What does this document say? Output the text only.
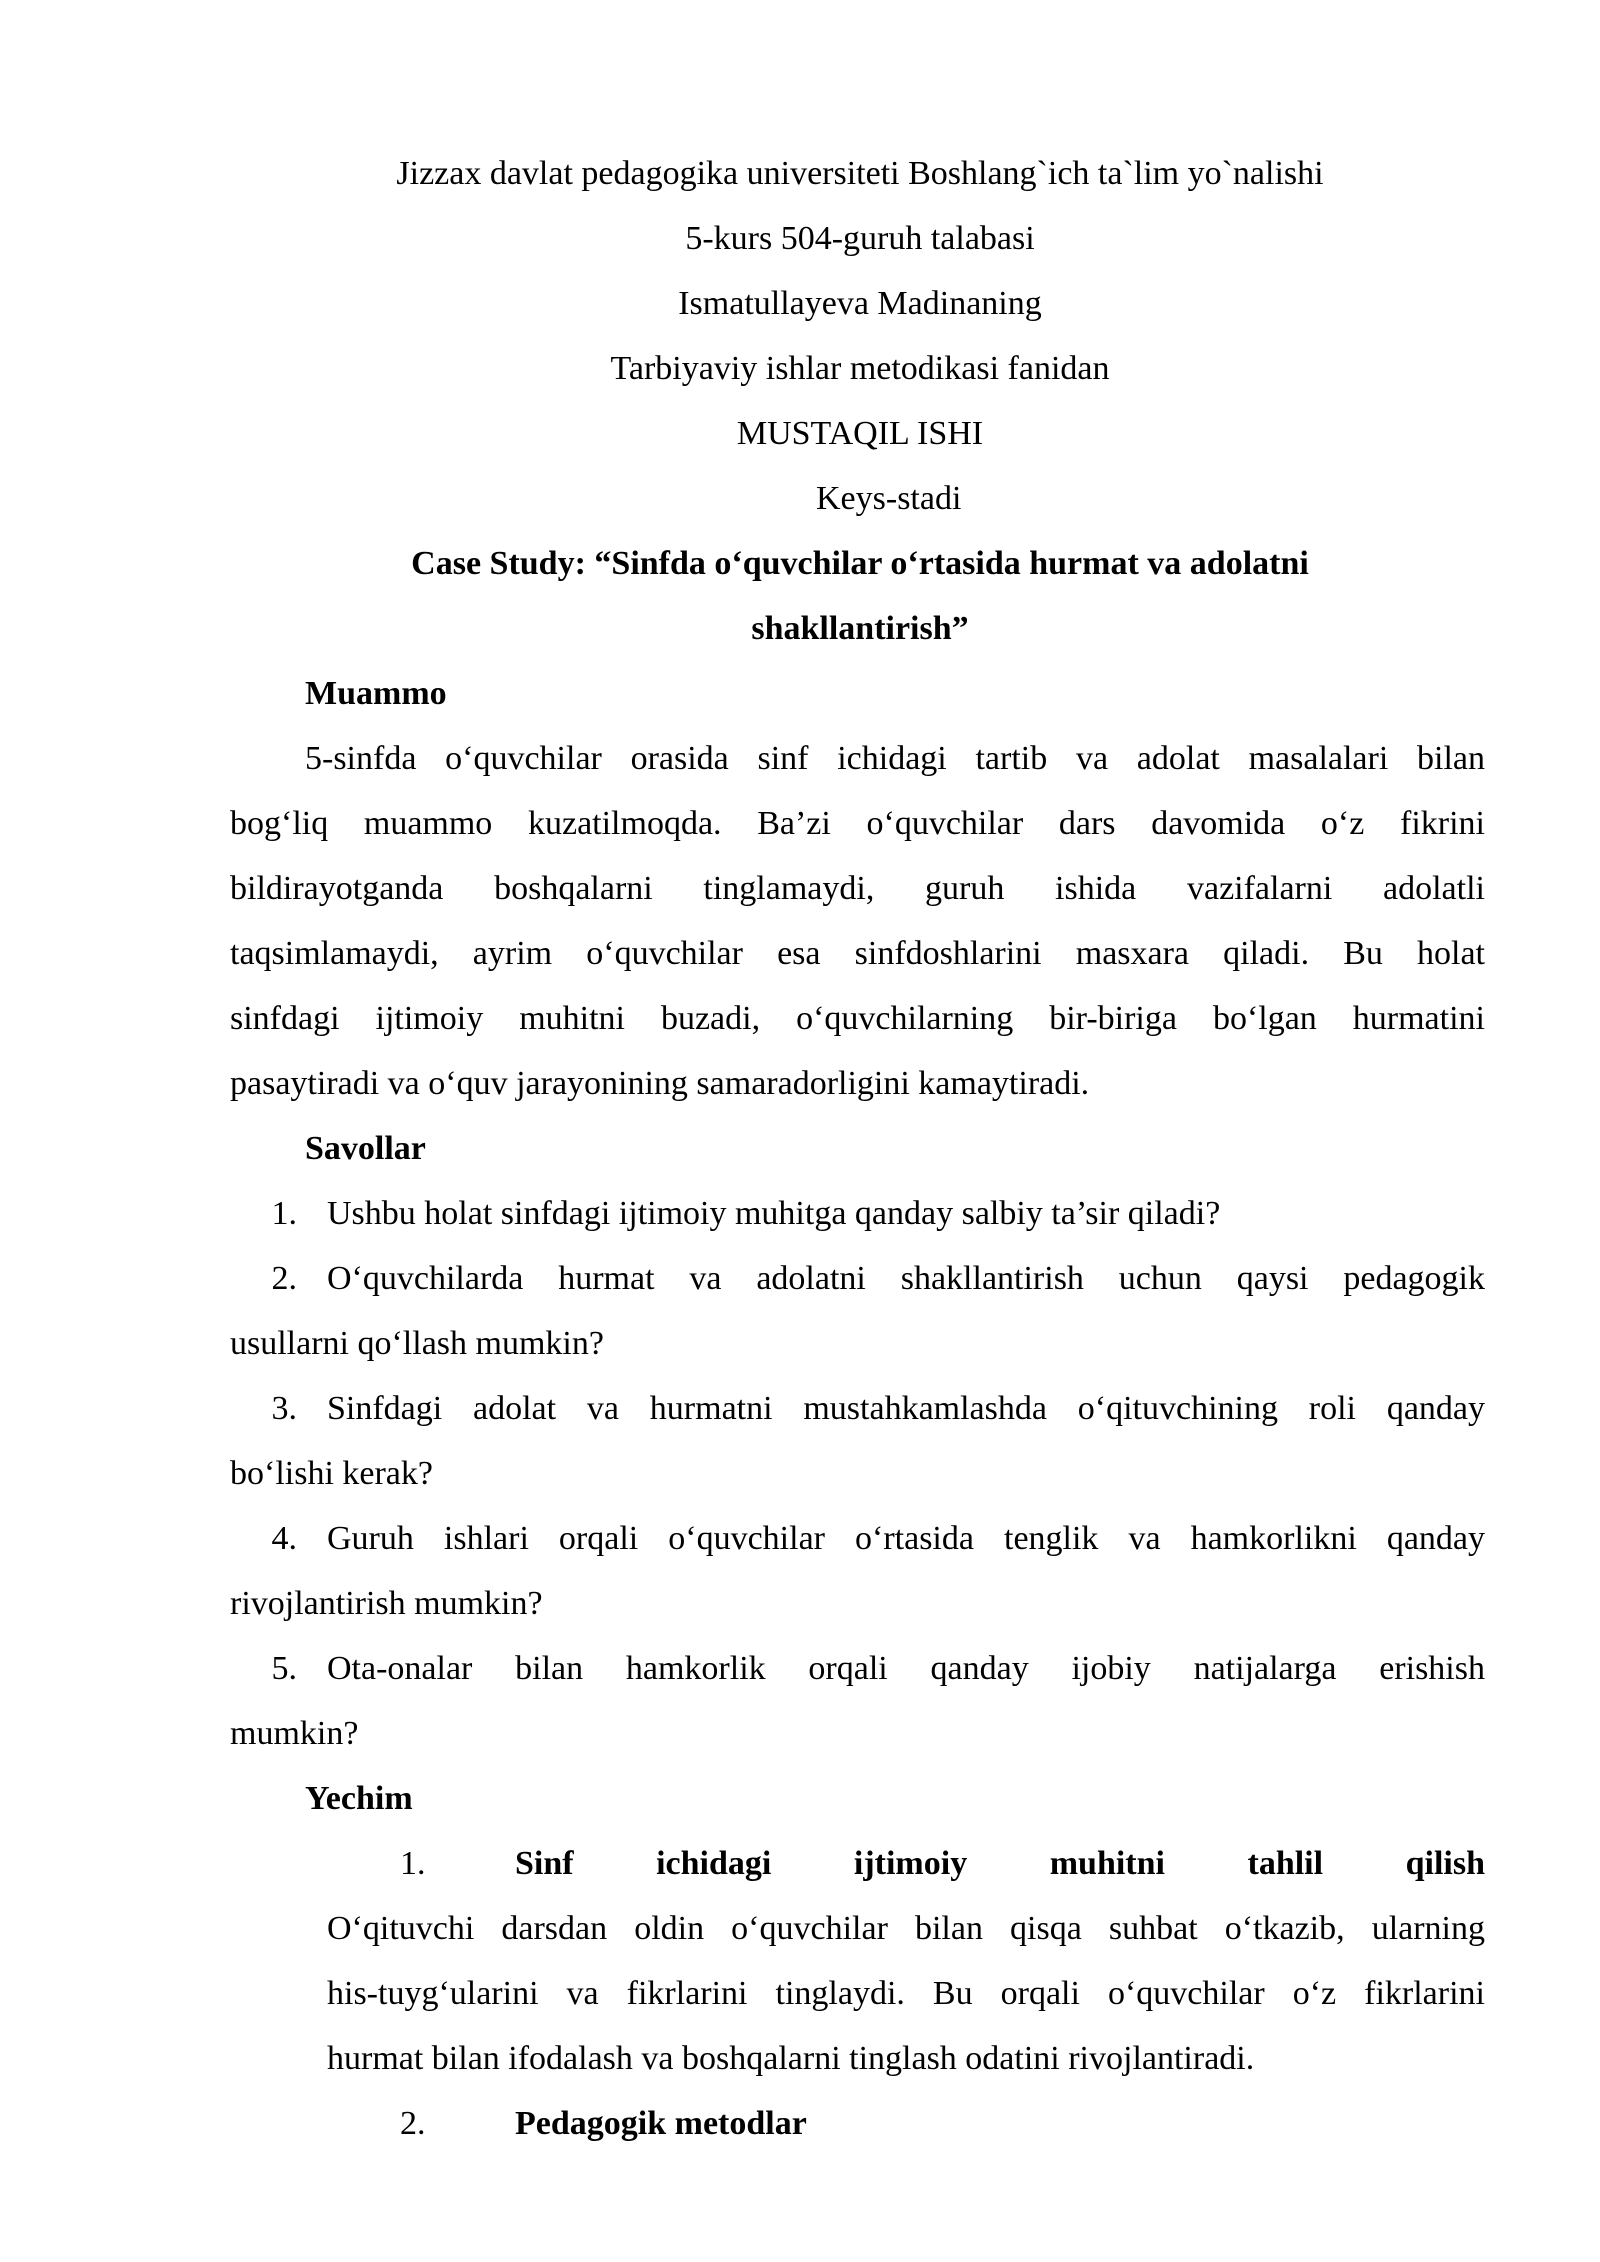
Jizzax davlat pedagogika universiteti Boshlang`ich ta`lim yo`nalishi
5-kurs 504-guruh talabasi
Ismatullayeva Madinaning
Tarbiyaviy ishlar metodikasi fanidan
MUSTAQIL ISHI
Keys-stadi
Case Study: “Sinfda o‘quvchilar o‘rtasida hurmat va adolatni
shakllantirish”
Muammo
5-sinfda o‘quvchilar orasida sinf ichidagi tartib va adolat masalalari bilan
bog‘liq muammo kuzatilmoqda. Ba’zi o‘quvchilar dars davomida o‘z fikrini
bildirayotganda boshqalarni tinglamaydi, guruh ishida vazifalarni adolatli
taqsimlamaydi, ayrim o‘quvchilar esa sinfdoshlarini masxara qiladi. Bu holat
sinfdagi ijtimoiy muhitni buzadi, o‘quvchilarning bir-biriga bo‘lgan hurmatini
pasaytiradi va o‘quv jarayonining samaradorligini kamaytiradi.
Savollar
1. Ushbu holat sinfdagi ijtimoiy muhitga qanday salbiy ta’sir qiladi?
2. O‘quvchilarda hurmat va adolatni shakllantirish uchun qaysi pedagogik
usullarni qo‘llash mumkin?
3. Sinfdagi adolat va hurmatni mustahkamlashda o‘qituvchining roli qanday
bo‘lishi kerak?
4. Guruh ishlari orqali o‘quvchilar o‘rtasida tenglik va hamkorlikni qanday
rivojlantirish mumkin?
5. Ota-onalar bilan hamkorlik orqali qanday ijobiy natijalarga erishish
mumkin?
Yechim
1.	Sinf ichidagi ijtimoiy muhitni tahlil qilish
O‘qituvchi darsdan oldin o‘quvchilar bilan qisqa suhbat o‘tkazib, ularning
his-tuyg‘ularini va fikrlarini tinglaydi. Bu orqali o‘quvchilar o‘z fikrlarini
hurmat bilan ifodalash va boshqalarni tinglash odatini rivojlantiradi.
2.	Pedagogik metodlar
